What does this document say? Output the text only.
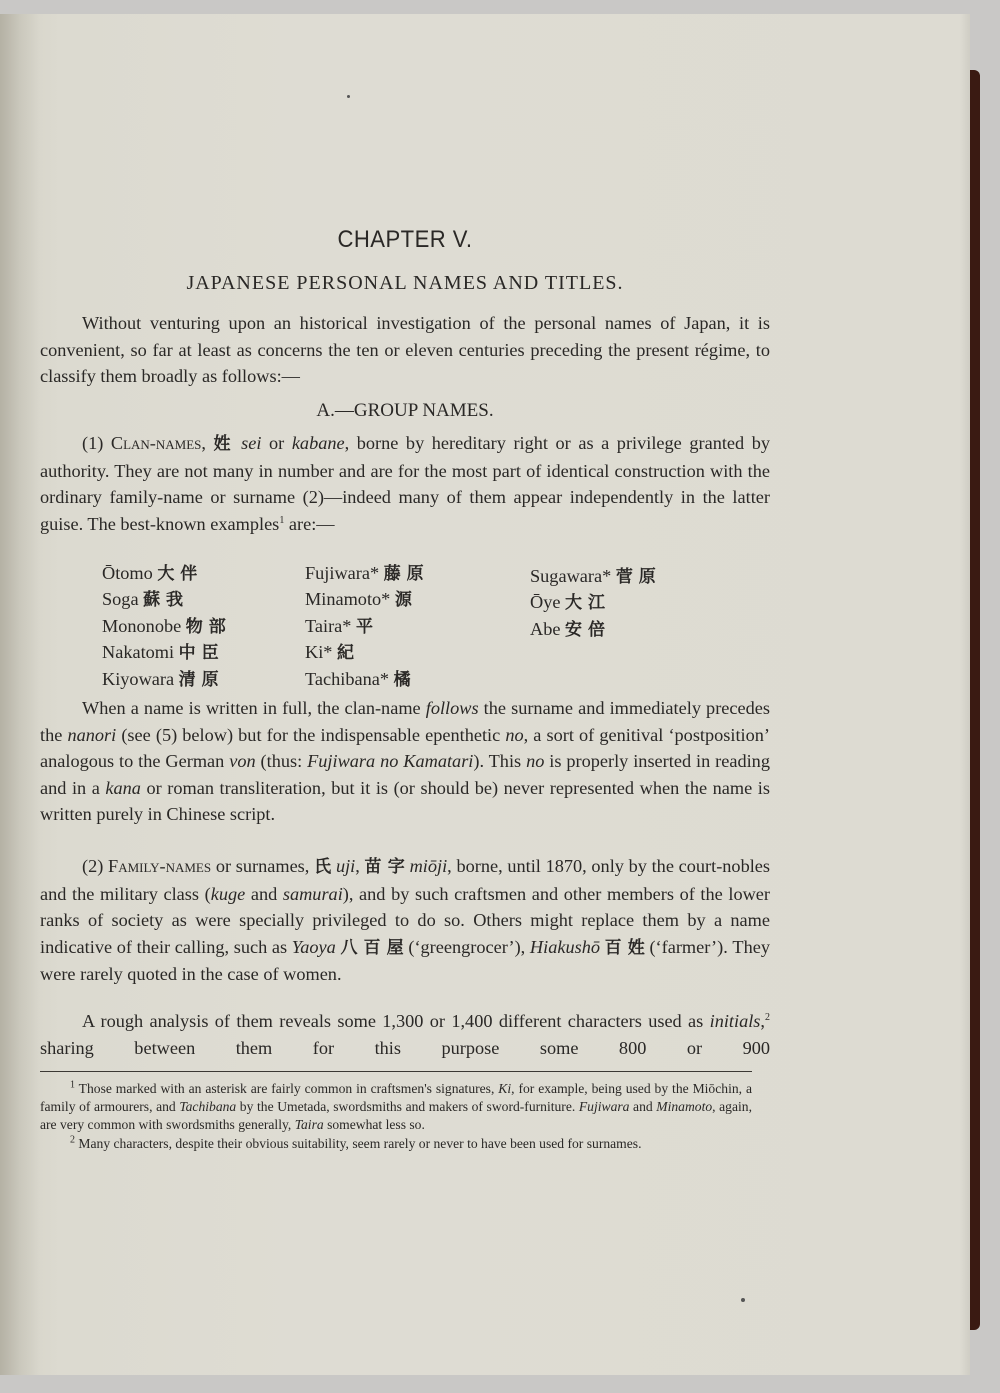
CHAPTER V.
JAPANESE PERSONAL NAMES AND TITLES.

Without venturing upon an historical investigation of the personal names of Japan, it is convenient, so far at least as concerns the ten or eleven centuries preceding the present régime, to classify them broadly as follows:—

A.—GROUP NAMES.

(1) Clan-names, 姓 sei or kabane, borne by hereditary right or as a privilege granted by authority. They are not many in number and are for the most part of identical construction with the ordinary family-name or surname (2)—indeed many of them appear independently in the latter guise. The best-known examples$^1$ are:—

Ōtomo 大 伴
Soga 蘇 我
Mononobe 物 部
Nakatomi 中 臣
Kiyowara 清 原
Fujiwara* 藤 原
Minamoto* 源
Taira* 平
Ki* 紀
Tachibana* 橘
Sugawara* 菅 原
Ōye 大 江
Abe 安 倍

When a name is written in full, the clan-name follows the surname and immediately precedes the nanori (see (5) below) but for the indispensable epenthetic no, a sort of genitival ‘postposition’ analogous to the German von (thus: Fujiwara no Kamatari). This no is properly inserted in reading and in a kana or roman transliteration, but it is (or should be) never represented when the name is written purely in Chinese script.

(2) Family-names or surnames, 氏 uji, 苗 字 miōji, borne, until 1870, only by the court-nobles and the military class (kuge and samurai), and by such craftsmen and other members of the lower ranks of society as were specially privileged to do so. Others might replace them by a name indicative of their calling, such as Yaoya 八 百 屋 (‘greengrocer’), Hiakushō 百 姓 (‘farmer’). They were rarely quoted in the case of women.

A rough analysis of them reveals some 1,300 or 1,400 different characters used as initials,$^2$ sharing between them for this purpose some 800 or 900

$^1$ Those marked with an asterisk are fairly common in craftsmen's signatures, Ki, for example, being used by the Miōchin, a family of armourers, and Tachibana by the Umetada, swordsmiths and makers of sword-furniture. Fujiwara and Minamoto, again, are very common with swordsmiths generally, Taira somewhat less so.

$^2$ Many characters, despite their obvious suitability, seem rarely or never to have been used for surnames.
